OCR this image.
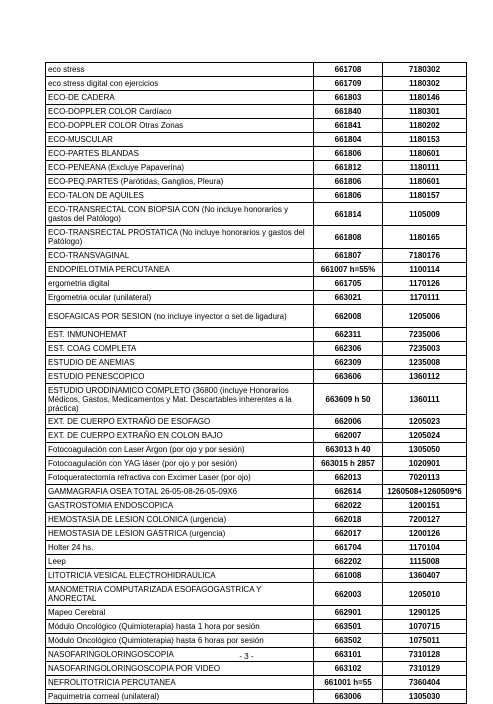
eco stress	661708	7180302
eco stress digital con ejercicios	661709	1180302
ECO-DE CADERA	661803	1180146
ECO-DOPPLER COLOR Cardíaco	661840	1180301
ECO-DOPPLER COLOR Otras Zonas	661841	1180202
ECO-MUSCULAR	661804	1180153
ECO-PARTES BLANDAS	661806	1180601
ECO-PENEANA (Excluye Papaverina)	661812	1180111
ECO-PEQ.PARTES (Parótidas, Ganglios, Pleura)	661806	1180601
ECO-TALON DE AQUILES	661806	1180157
ECO-TRANSRECTAL CON BIOPSIA CON (No incluye honorarios y gastos del Patólogo)	661814	1105009
ECO-TRANSRECTAL PROSTATICA (No incluye honorarios y gastos del Patólogo)	661808	1180165
ECO-TRANSVAGINAL	661807	7180176
ENDOPIELOTMIA PERCUTANEA	661007 h=55%	1100114
ergometria digital	661705	1170126
Ergometria ocular (unilateral)	663021	1170111
ESOFAGICAS POR SESION (no incluye inyector o set de ligadura)	662008	1205006
EST. INMUNOHEMAT	662311	7235006
EST. COAG COMPLETA	662306	7235003
ESTUDIO DE ANEMIAS	662309	1235008
ESTUDIO PENESCOPICO	663606	1360112
ESTUDIO URODINAMICO COMPLETO (36800 (incluye Honorarios Médicos, Gastos, Medicamentos y Mat. Descartables inherentes a la práctica)	663609 h 50	1360111
EXT. DE CUERPO EXTRAÑO DE ESOFAGO	662006	1205023
EXT. DE CUERPO EXTRAÑO EN COLON BAJO	662007	1205024
Fotocoagulación con Laser Argon (por ojo y por sesión)	663013 h 40	1305050
Fotocoagulación con YAG láser (por ojo y por sesión)	663015 h 2857	1020901
Fotoqueratectomía refractiva con Excimer Laser (por ojo)	662013	7020113
GAMMAGRAFIA OSEA TOTAL 26-05-08-26-05-09X6	662614	1260508+1260509*6
GASTROSTOMIA ENDOSCOPICA	662022	1200151
HEMOSTASIA DE LESION COLONICA (urgencia)	662018	7200127
HEMOSTASIA DE LESION GASTRICA (urgencia)	662017	1200126
Holter 24 hs.	661704	1170104
Leep	662202	1115008
LITOTRICIA VESICAL ELECTROHIDRAULICA	661008	1360407
MANOMETRIA COMPUTARIZADA ESOFAGOGASTRICA Y ANORECTAL	662003	1205010
Mapeo Cerebral	662901	1290125
Módulo Oncológico (Quimioterapia) hasta 1 hora por sesión	663501	1070715
Módulo Oncológico (Quimioterapia) hasta 6 horas por sesión	663502	1075011
NASOFARINGOLORINGOSCOPIA	663101	7310128
NASOFARINGOLORINGOSCOPIA POR VIDEO	663102	7310129
NEFROLITOTRICIA PERCUTANEA	661001 h=55	7360404
Paquimetria corneal (unilateral)	663006	1305030
- 3 -
